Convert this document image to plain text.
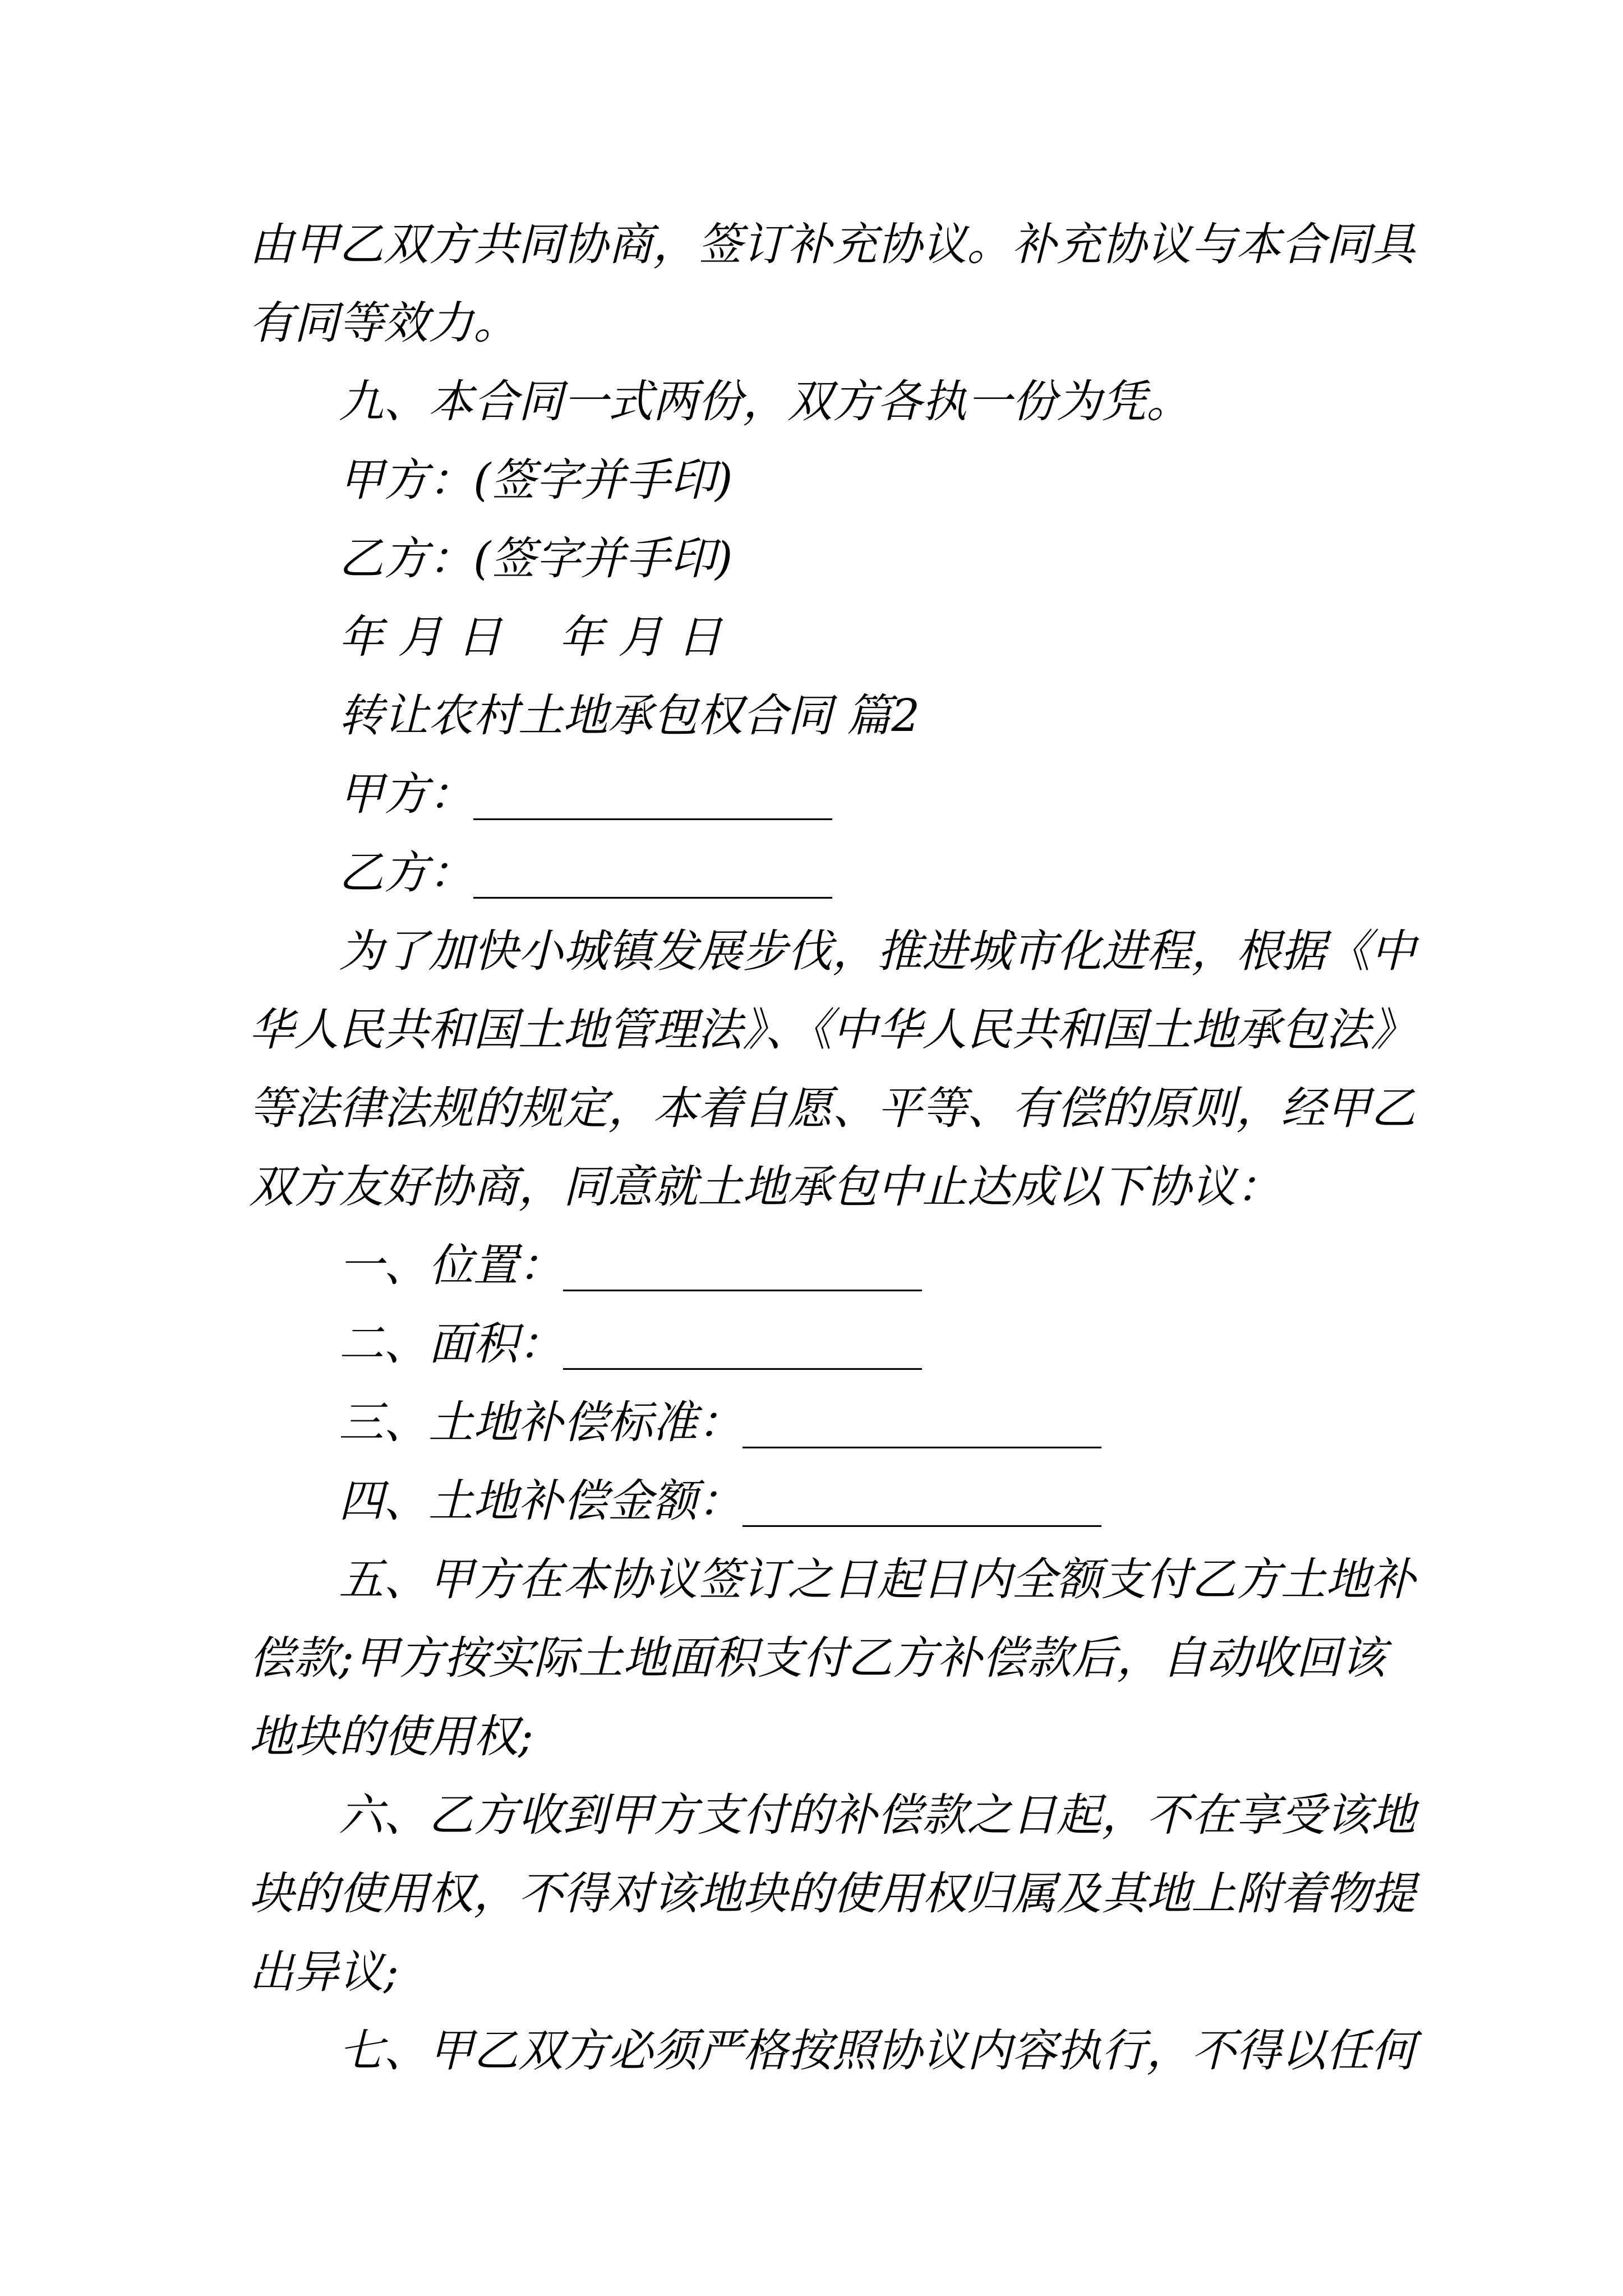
由甲乙双方共同协商，签订补充协议。补充协议与本合同具
有同等效力。
九、本合同一式两份，双方各执一份为凭。
甲方：(签字并手印)
乙方：(签字并手印)
年 月 日    年 月 日
转让农村土地承包权合同 篇2
甲方：________________
乙方：________________
为了加快小城镇发展步伐，推进城市化进程，根据《中
华人民共和国土地管理法》、《中华人民共和国土地承包法》
等法律法规的规定，本着自愿、平等、有偿的原则，经甲乙
双方友好协商，同意就土地承包中止达成以下协议：
一、位置：________________
二、面积：________________
三、土地补偿标准：________________
四、土地补偿金额：________________
五、甲方在本协议签订之日起日内全额支付乙方土地补
偿款;甲方按实际土地面积支付乙方补偿款后，自动收回该
地块的使用权;
六、乙方收到甲方支付的补偿款之日起，不在享受该地
块的使用权，不得对该地块的使用权归属及其地上附着物提
出异议;
七、甲乙双方必须严格按照协议内容执行，不得以任何
